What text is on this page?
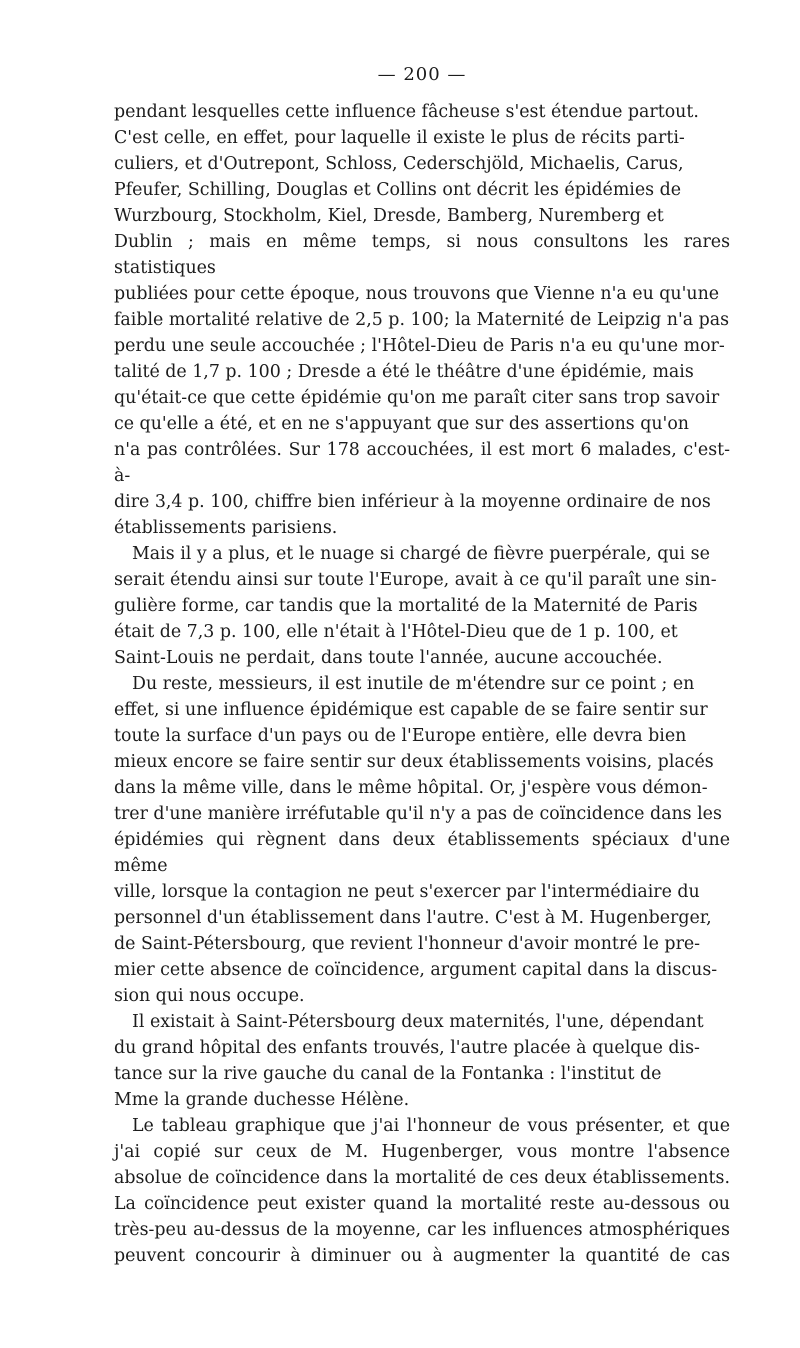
— 200 —

pendant lesquelles cette influence fâcheuse s'est étendue partout.
C'est celle, en effet, pour laquelle il existe le plus de récits parti-
culiers, et d'Outrepont, Schloss, Cederschjöld, Michaelis, Carus,
Pfeufer, Schilling, Douglas et Collins ont décrit les épidémies de
Wurzbourg, Stockholm, Kiel, Dresde, Bamberg, Nuremberg et
Dublin ; mais en même temps, si nous consultons les rares statistiques
publiées pour cette époque, nous trouvons que Vienne n'a eu qu'une
faible mortalité relative de 2,5 p. 100; la Maternité de Leipzig n'a pas
perdu une seule accouchée ; l'Hôtel-Dieu de Paris n'a eu qu'une mor-
talité de 1,7 p. 100 ; Dresde a été le théâtre d'une épidémie, mais
qu'était-ce que cette épidémie qu'on me paraît citer sans trop savoir
ce qu'elle a été, et en ne s'appuyant que sur des assertions qu'on
n'a pas contrôlées. Sur 178 accouchées, il est mort 6 malades, c'est-à-
dire 3,4 p. 100, chiffre bien inférieur à la moyenne ordinaire de nos
établissements parisiens.

Mais il y a plus, et le nuage si chargé de fièvre puerpérale, qui se
serait étendu ainsi sur toute l'Europe, avait à ce qu'il paraît une sin-
gulière forme, car tandis que la mortalité de la Maternité de Paris
était de 7,3 p. 100, elle n'était à l'Hôtel-Dieu que de 1 p. 100, et
Saint-Louis ne perdait, dans toute l'année, aucune accouchée.

Du reste, messieurs, il est inutile de m'étendre sur ce point ; en
effet, si une influence épidémique est capable de se faire sentir sur
toute la surface d'un pays ou de l'Europe entière, elle devra bien
mieux encore se faire sentir sur deux établissements voisins, placés
dans la même ville, dans le même hôpital. Or, j'espère vous démon-
trer d'une manière irréfutable qu'il n'y a pas de coïncidence dans les
épidémies qui règnent dans deux établissements spéciaux d'une même
ville, lorsque la contagion ne peut s'exercer par l'intermédiaire du
personnel d'un établissement dans l'autre. C'est à M. Hugenberger,
de Saint-Pétersbourg, que revient l'honneur d'avoir montré le pre-
mier cette absence de coïncidence, argument capital dans la discus-
sion qui nous occupe.

Il existait à Saint-Pétersbourg deux maternités, l'une, dépendant
du grand hôpital des enfants trouvés, l'autre placée à quelque dis-
tance sur la rive gauche du canal de la Fontanka : l'institut de
Mme la grande duchesse Hélène.

Le tableau graphique que j'ai l'honneur de vous présenter, et que
j'ai copié sur ceux de M. Hugenberger, vous montre l'absence
absolue de coïncidence dans la mortalité de ces deux établissements.
La coïncidence peut exister quand la mortalité reste au-dessous ou
très-peu au-dessus de la moyenne, car les influences atmosphériques
peuvent concourir à diminuer ou à augmenter la quantité de cas
